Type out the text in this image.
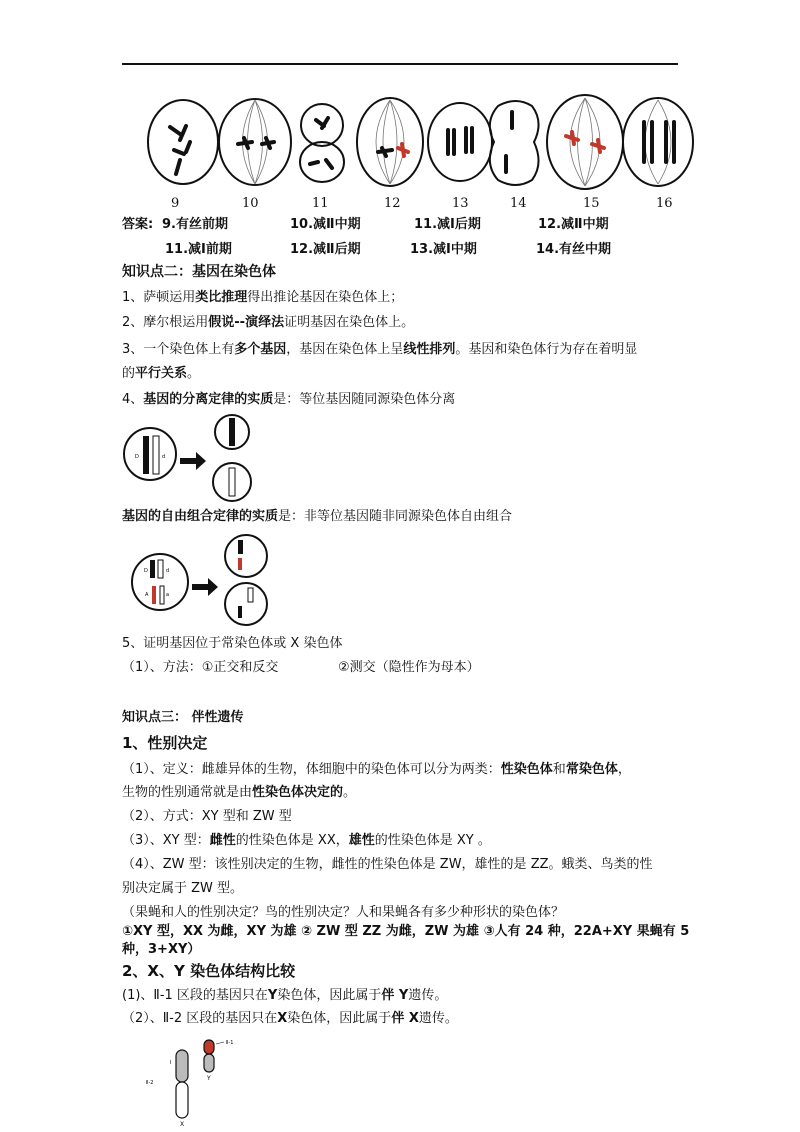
9	10	11	12	13	14	15	16
答案: 9.有丝前期	10.减Ⅱ中期	11.减Ⅰ后期	12.减Ⅱ中期
11.减Ⅰ前期	12.减Ⅱ后期	13.减Ⅰ中期	14.有丝中期
知识点二：基因在染色体
1、萨顿运用类比推理得出推论基因在染色体上；
2、摩尔根运用假说--演绎法证明基因在染色体上。
3、一个染色体上有多个基因，基因在染色体上呈线性排列。基因和染色体行为存在着明显
的平行关系。
4、基因的分离定律的实质是：等位基因随同源染色体分离
D	d
基因的自由组合定律的实质是：非等位基因随非同源染色体自由组合
D	d
A	a
5、证明基因位于常染色体或 X 染色体
（1）、方法：①正交和反交	②测交（隐性作为母本）
知识点三： 伴性遗传
1、性别决定
（1）、定义：雌雄异体的生物，体细胞中的染色体可以分为两类：性染色体和常染色体，
生物的性别通常就是由性染色体决定的。
（2）、方式：XY 型和 ZW 型
（3）、XY 型：雌性的性染色体是 XX，雄性的性染色体是 XY 。
（4）、ZW 型：该性别决定的生物，雌性的性染色体是 ZW，雄性的是 ZZ。蛾类、鸟类的性
别决定属于 ZW 型。
（果蝇和人的性别决定？鸟的性别决定？人和果蝇各有多少种形状的染色体？
①XY 型，XX 为雌，XY 为雄 ② ZW 型 ZZ 为雌，ZW 为雄 ③人有 24 种，22A+XY 果蝇有 5
种，3+XY）
2、X、Y 染色体结构比较
(1)、Ⅱ-1 区段的基因只在Y染色体，因此属于伴 Y遗传。
（2）、Ⅱ-2 区段的基因只在X染色体，因此属于伴 X遗传。
Ⅱ-1
Ⅱ-2
Ⅰ
X
Y
